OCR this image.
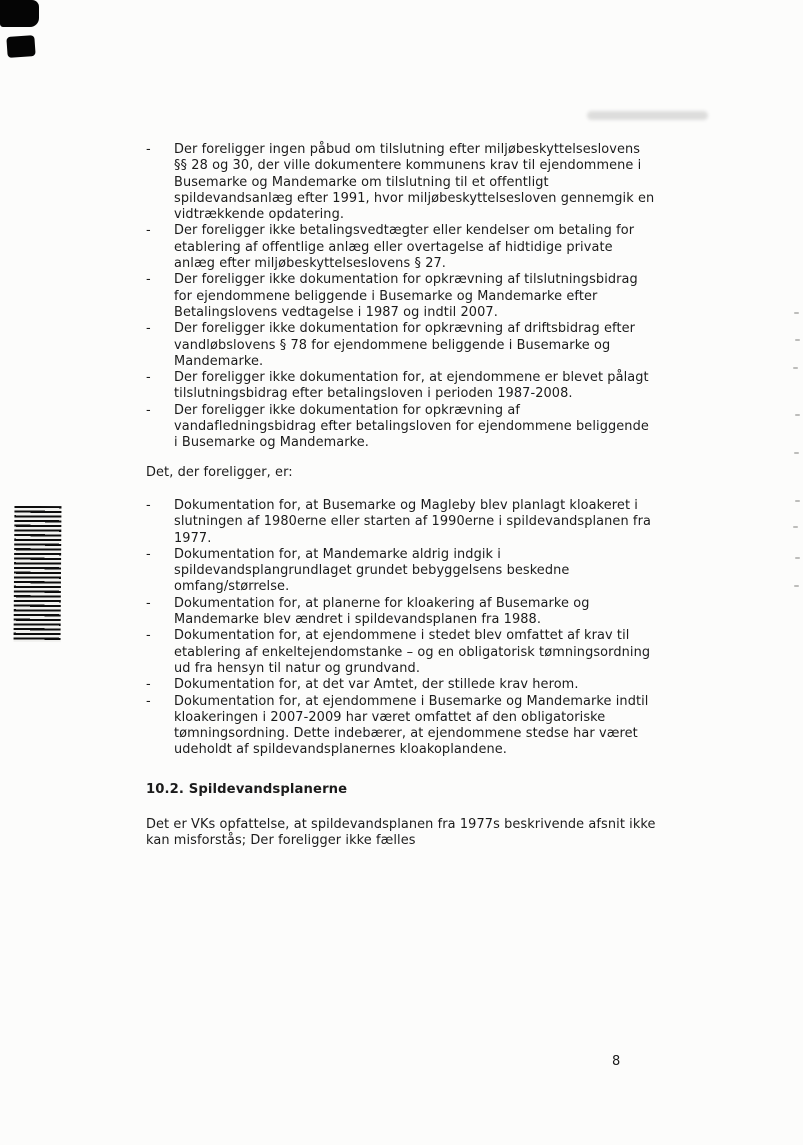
-	Der foreligger ingen påbud om tilslutning efter miljøbeskyttelseslovens §§ 28 og 30, der ville dokumentere kommunens krav til ejendommene i Busemarke og Mandemarke om tilslutning til et offentligt spildevandsanlæg efter 1991, hvor miljøbeskyttelsesloven gennemgik en vidtrækkende opdatering.
-	Der foreligger ikke betalingsvedtægter eller kendelser om betaling for etablering af offentlige anlæg eller overtagelse af hidtidige private anlæg efter miljøbeskyttelseslovens § 27.
-	Der foreligger ikke dokumentation for opkrævning af tilslutningsbidrag for ejendommene beliggende i Busemarke og Mandemarke efter Betalingslovens vedtagelse i 1987 og indtil 2007.
-	Der foreligger ikke dokumentation for opkrævning af driftsbidrag efter vandløbslovens § 78 for ejendommene beliggende i Busemarke og Mandemarke.
-	Der foreligger ikke dokumentation for, at ejendommene er blevet pålagt tilslutningsbidrag efter betalingsloven i perioden 1987-2008.
-	Der foreligger ikke dokumentation for opkrævning af vandafledningsbidrag efter betalingsloven for ejendommene beliggende i Busemarke og Mandemarke.

Det, der foreligger, er:

-	Dokumentation for, at Busemarke og Magleby blev planlagt kloakeret i slutningen af 1980erne eller starten af 1990erne i spildevandsplanen fra 1977.
-	Dokumentation for, at Mandemarke aldrig indgik i spildevandsplangrundlaget grundet bebyggelsens beskedne omfang/størrelse.
-	Dokumentation for, at planerne for kloakering af Busemarke og Mandemarke blev ændret i spildevandsplanen fra 1988.
-	Dokumentation for, at ejendommene i stedet blev omfattet af krav til etablering af enkeltejendomstanke – og en obligatorisk tømningsordning ud fra hensyn til natur og grundvand.
-	Dokumentation for, at det var Amtet, der stillede krav herom.
-	Dokumentation for, at ejendommene i Busemarke og Mandemarke indtil kloakeringen i 2007-2009 har været omfattet af den obligatoriske tømningsordning. Dette indebærer, at ejendommene stedse har været udeholdt af spildevandsplanernes kloakoplandene.
10.2. Spildevandsplanerne

Det er VKs opfattelse, at spildevandsplanen fra 1977s beskrivende afsnit ikke kan misforstås; Der foreligger ikke fælles

8
